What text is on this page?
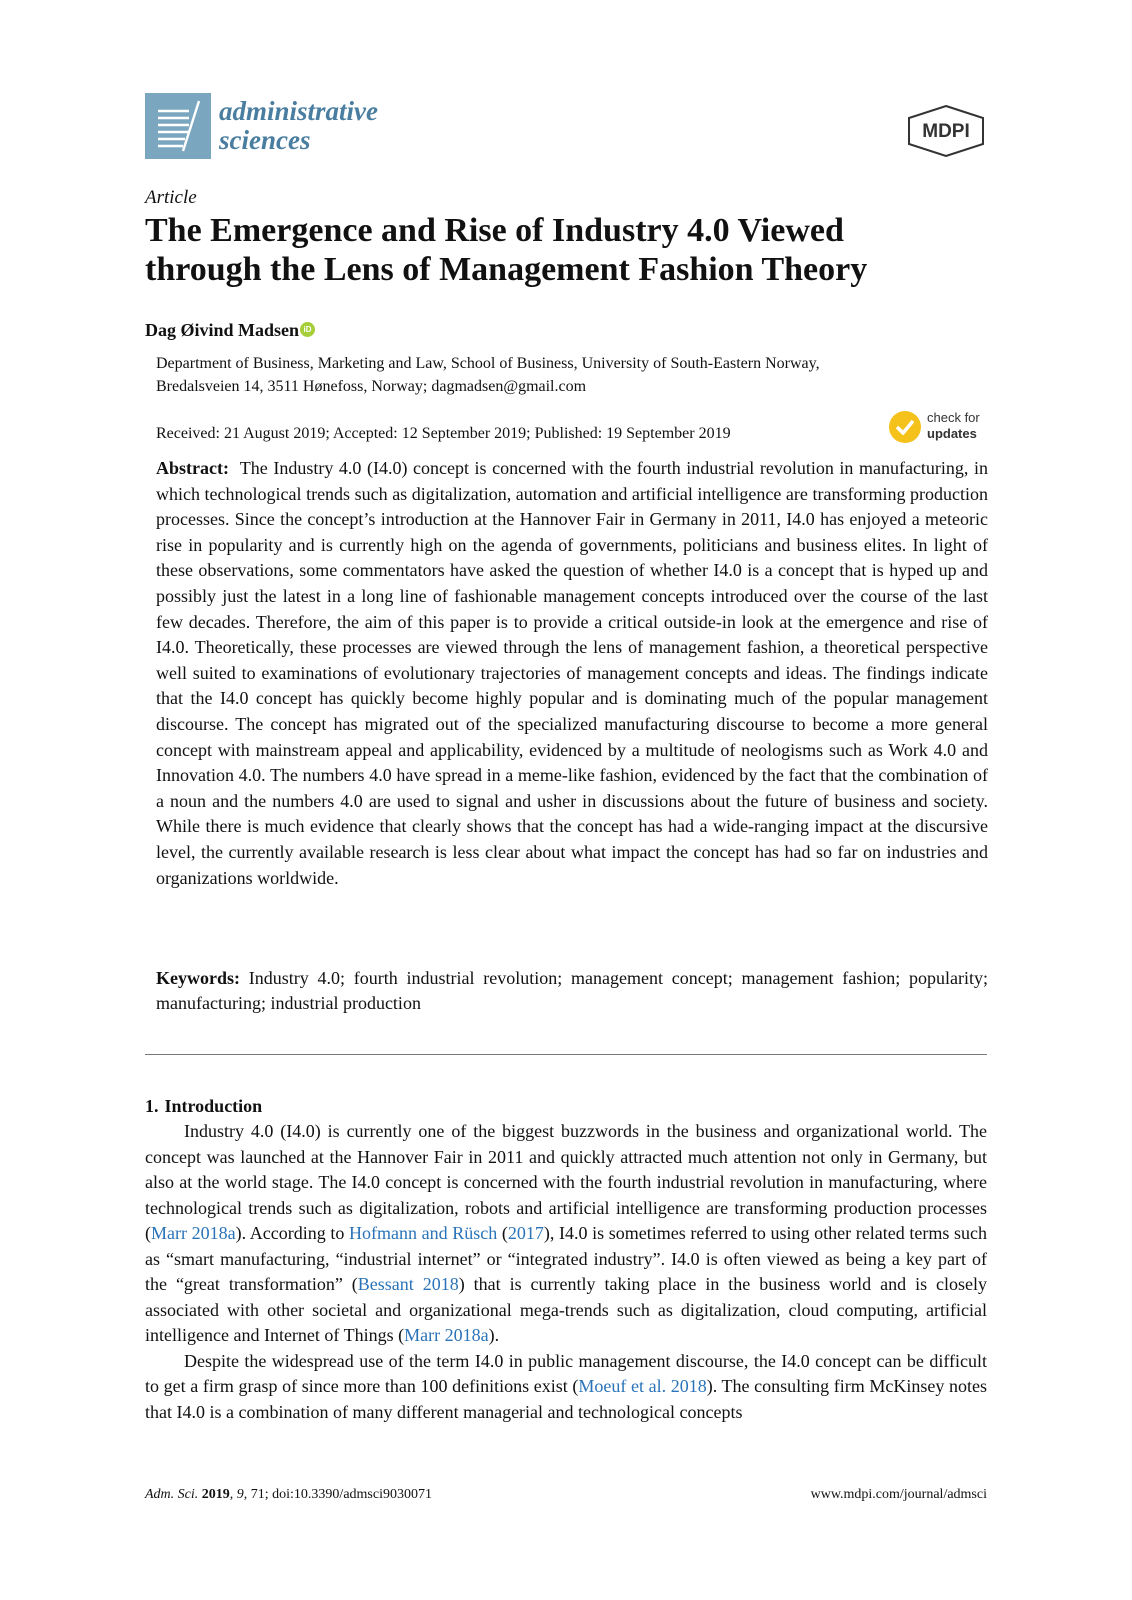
administrative
sciences	MDPI
Article
The Emergence and Rise of Industry 4.0 Viewed
through the Lens of Management Fashion Theory
Dag Øivind Madsen iD
Department of Business, Marketing and Law, School of Business, University of South-Eastern Norway,
Bredalsveien 14, 3511 Hønefoss, Norway; dagmadsen@gmail.com
Received: 21 August 2019; Accepted: 12 September 2019; Published: 19 September 2019
check for
updates

Abstract: The Industry 4.0 (I4.0) concept is concerned with the fourth industrial revolution in manufacturing, in which technological trends such as digitalization, automation and artificial intelligence are transforming production processes. Since the concept’s introduction at the Hannover Fair in Germany in 2011, I4.0 has enjoyed a meteoric rise in popularity and is currently high on the agenda of governments, politicians and business elites. In light of these observations, some commentators have asked the question of whether I4.0 is a concept that is hyped up and possibly just the latest in a long line of fashionable management concepts introduced over the course of the last few decades. Therefore, the aim of this paper is to provide a critical outside-in look at the emergence and rise of I4.0. Theoretically, these processes are viewed through the lens of management fashion, a theoretical perspective well suited to examinations of evolutionary trajectories of management concepts and ideas. The findings indicate that the I4.0 concept has quickly become highly popular and is dominating much of the popular management discourse. The concept has migrated out of the specialized manufacturing discourse to become a more general concept with mainstream appeal and applicability, evidenced by a multitude of neologisms such as Work 4.0 and Innovation 4.0. The numbers 4.0 have spread in a meme-like fashion, evidenced by the fact that the combination of a noun and the numbers 4.0 are used to signal and usher in discussions about the future of business and society. While there is much evidence that clearly shows that the concept has had a wide-ranging impact at the discursive level, the currently available research is less clear about what impact the concept has had so far on industries and organizations worldwide.

Keywords: Industry 4.0; fourth industrial revolution; management concept; management fashion; popularity; manufacturing; industrial production

1. Introduction

Industry 4.0 (I4.0) is currently one of the biggest buzzwords in the business and organizational world. The concept was launched at the Hannover Fair in 2011 and quickly attracted much attention not only in Germany, but also at the world stage. The I4.0 concept is concerned with the fourth industrial revolution in manufacturing, where technological trends such as digitalization, robots and artificial intelligence are transforming production processes (Marr 2018a). According to Hofmann and Rüsch (2017), I4.0 is sometimes referred to using other related terms such as “smart manufacturing, “industrial internet” or “integrated industry”. I4.0 is often viewed as being a key part of the “great transformation” (Bessant 2018) that is currently taking place in the business world and is closely associated with other societal and organizational mega-trends such as digitalization, cloud computing, artificial intelligence and Internet of Things (Marr 2018a).

Despite the widespread use of the term I4.0 in public management discourse, the I4.0 concept can be difficult to get a firm grasp of since more than 100 definitions exist (Moeuf et al. 2018). The consulting firm McKinsey notes that I4.0 is a combination of many different managerial and technological concepts

Adm. Sci. 2019, 9, 71; doi:10.3390/admsci9030071	www.mdpi.com/journal/admsci
